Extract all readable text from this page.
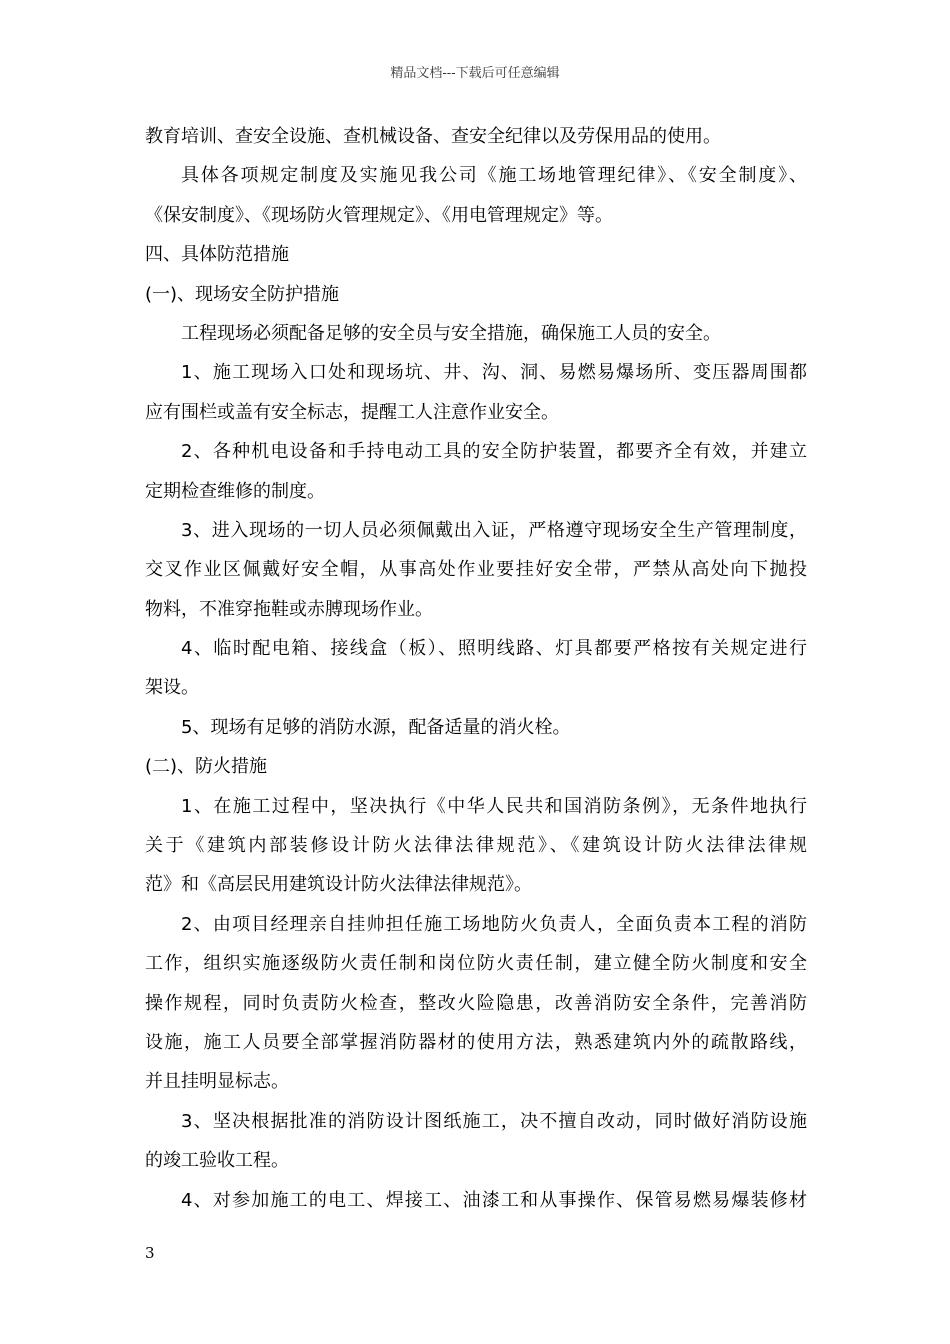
精品文档---下载后可任意编辑
教育培训、查安全设施、查机械设备、查安全纪律以及劳保用品的使用。
具体各项规定制度及实施见我公司《施工场地管理纪律》、《安全制度》、
《保安制度》、《现场防火管理规定》、《用电管理规定》等。
四、具体防范措施
(一)、现场安全防护措施
工程现场必须配备足够的安全员与安全措施，确保施工人员的安全。
1、施工现场入口处和现场坑、井、沟、洞、易燃易爆场所、变压器周围都
应有围栏或盖有安全标志，提醒工人注意作业安全。
2、各种机电设备和手持电动工具的安全防护装置，都要齐全有效，并建立
定期检查维修的制度。
3、进入现场的一切人员必须佩戴出入证，严格遵守现场安全生产管理制度，
交叉作业区佩戴好安全帽，从事高处作业要挂好安全带，严禁从高处向下抛投
物料，不准穿拖鞋或赤膊现场作业。
4、临时配电箱、接线盒（板）、照明线路、灯具都要严格按有关规定进行
架设。
5、现场有足够的消防水源，配备适量的消火栓。
(二)、防火措施
1、在施工过程中，坚决执行《中华人民共和国消防条例》，无条件地执行
关于《建筑内部装修设计防火法律法律规范》、《建筑设计防火法律法律规
范》和《高层民用建筑设计防火法律法律规范》。
2、由项目经理亲自挂帅担任施工场地防火负责人，全面负责本工程的消防
工作，组织实施逐级防火责任制和岗位防火责任制，建立健全防火制度和安全
操作规程，同时负责防火检查，整改火险隐患，改善消防安全条件，完善消防
设施，施工人员要全部掌握消防器材的使用方法，熟悉建筑内外的疏散路线，
并且挂明显标志。
3、坚决根据批准的消防设计图纸施工，决不擅自改动，同时做好消防设施
的竣工验收工程。
4、对参加施工的电工、焊接工、油漆工和从事操作、保管易燃易爆装修材
3
